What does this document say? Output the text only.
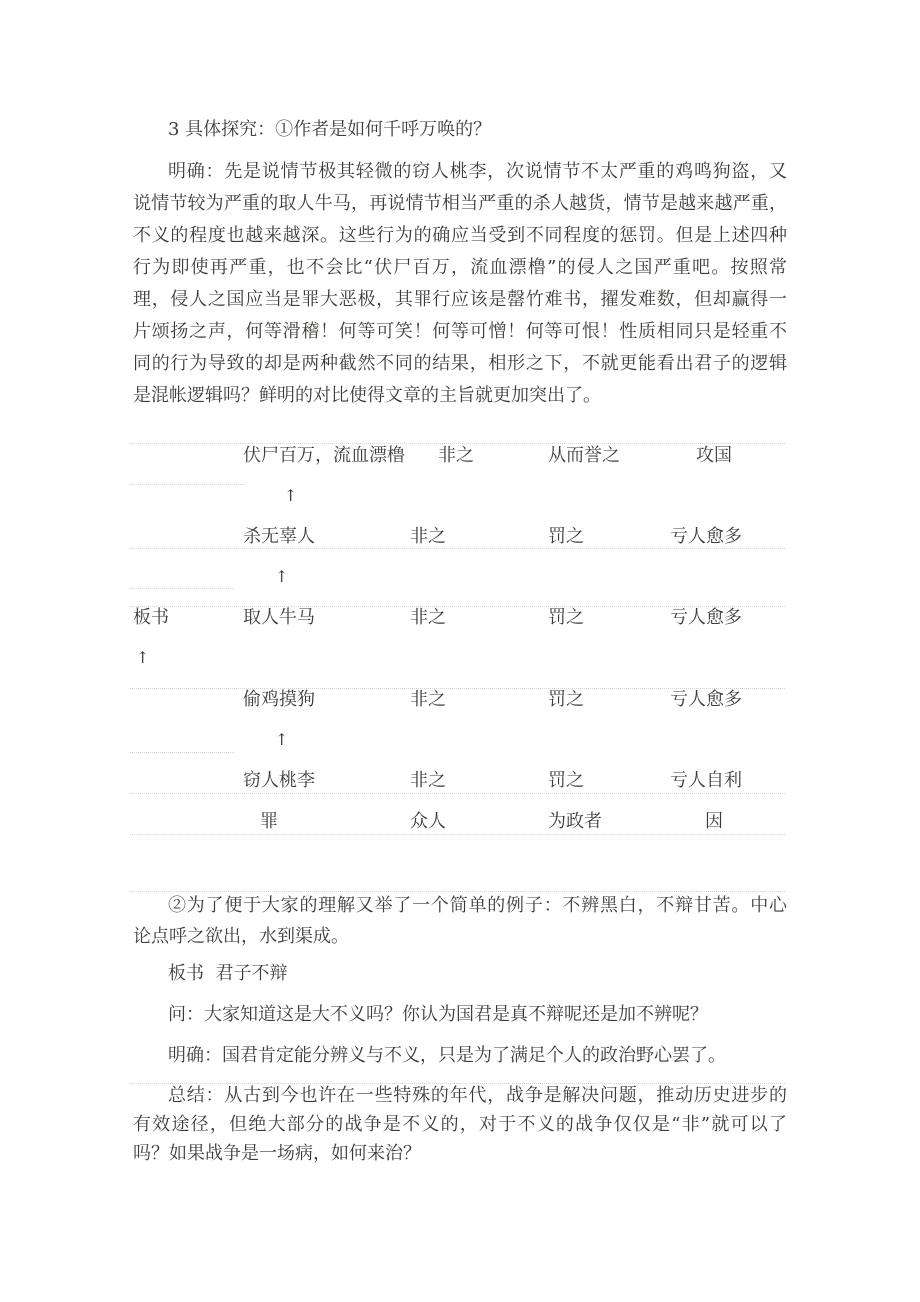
3 具体探究：①作者是如何千呼万唤的？
明确：先是说情节极其轻微的窃人桃李，次说情节不太严重的鸡鸣狗盗，又
说情节较为严重的取人牛马，再说情节相当严重的杀人越货，情节是越来越严重，
不义的程度也越来越深。这些行为的确应当受到不同程度的惩罚。但是上述四种
行为即使再严重，也不会比“伏尸百万，流血漂橹”的侵人之国严重吧。按照常
理，侵人之国应当是罪大恶极，其罪行应该是罄竹难书，擢发难数，但却赢得一
片颂扬之声，何等滑稽！何等可笑！何等可憎！何等可恨！性质相同只是轻重不
同的行为导致的却是两种截然不同的结果，相形之下，不就更能看出君子的逻辑
是混帐逻辑吗？鲜明的对比使得文章的主旨就更加突出了。
伏尸百万，流血漂橹 非之	从而誉之	攻国
↑
杀无辜人	非之	罚之	亏人愈多
↑
板书	取人牛马	非之	罚之	亏人愈多
↑
偷鸡摸狗	非之	罚之	亏人愈多
↑
窃人桃李	非之	罚之	亏人自利
罪	众人	为政者	因
②为了便于大家的理解又举了一个简单的例子：不辨黑白，不辩甘苦。中心
论点呼之欲出，水到渠成。
板书  君子不辩
问：大家知道这是大不义吗？你认为国君是真不辩呢还是加不辨呢？
明确：国君肯定能分辨义与不义，只是为了满足个人的政治野心罢了。
总结：从古到今也许在一些特殊的年代，战争是解决问题，推动历史进步的
有效途径，但绝大部分的战争是不义的，对于不义的战争仅仅是“非”就可以了
吗？如果战争是一场病，如何来治？
